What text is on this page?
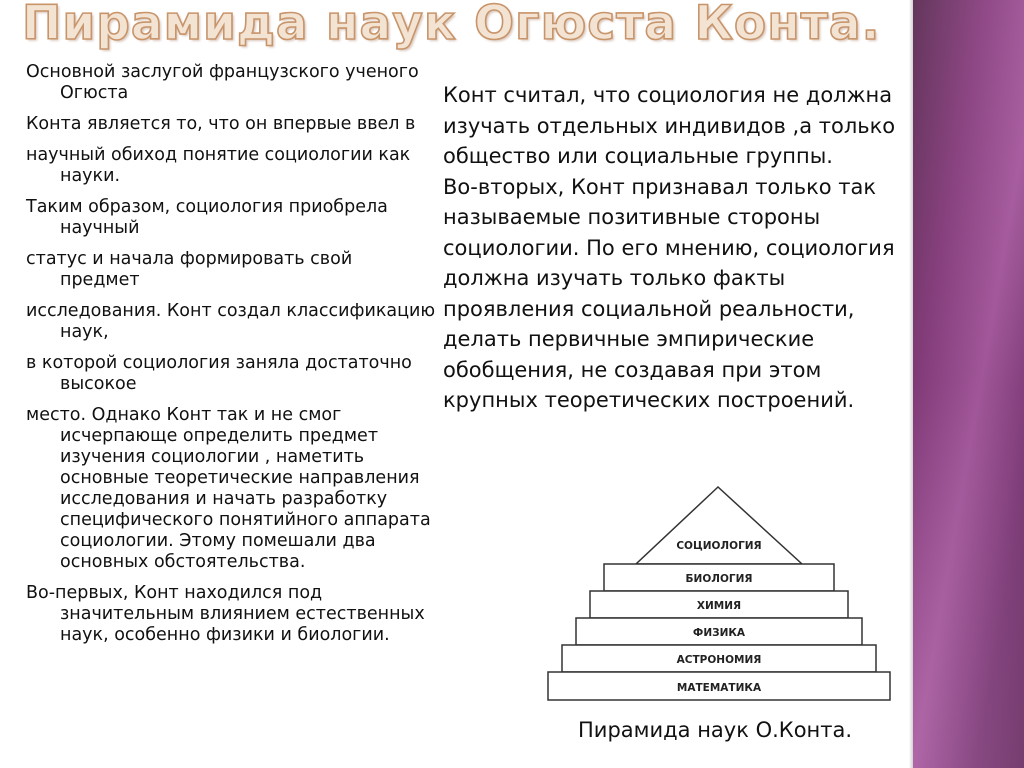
Пирамида наук Огюста Конта.

Основной заслугой французского ученого Огюста

Конта является то, что он впервые ввел в

научный обиход понятие социологии как науки.

Таким образом, социология приобрела научный

статус и начала формировать свой предмет

исследования. Конт создал классификацию наук,

в которой социология заняла достаточно высокое

место. Однако Конт так и не смог исчерпающе определить предмет изучения социологии , наметить основные теоретические направления исследования и начать разработку специфического понятийного аппарата социологии. Этому помешали два основных обстоятельства.

Во-первых, Конт находился под значительным влиянием естественных наук, особенно физики и биологии.

Конт считал, что социология не должна изучать отдельных индивидов ,а только общество или социальные группы.

Во-вторых, Конт признавал только так называемые позитивные стороны социологии. По его мнению, социология должна изучать только факты проявления социальной реальности, делать первичные эмпирические обобщения, не создавая при этом крупных теоретических построений.

СОЦИОЛОГИЯ
БИОЛОГИЯ
ХИМИЯ
ФИЗИКА
АСТРОНОМИЯ
МАТЕМАТИКА
Пирамида наук О.Конта.
